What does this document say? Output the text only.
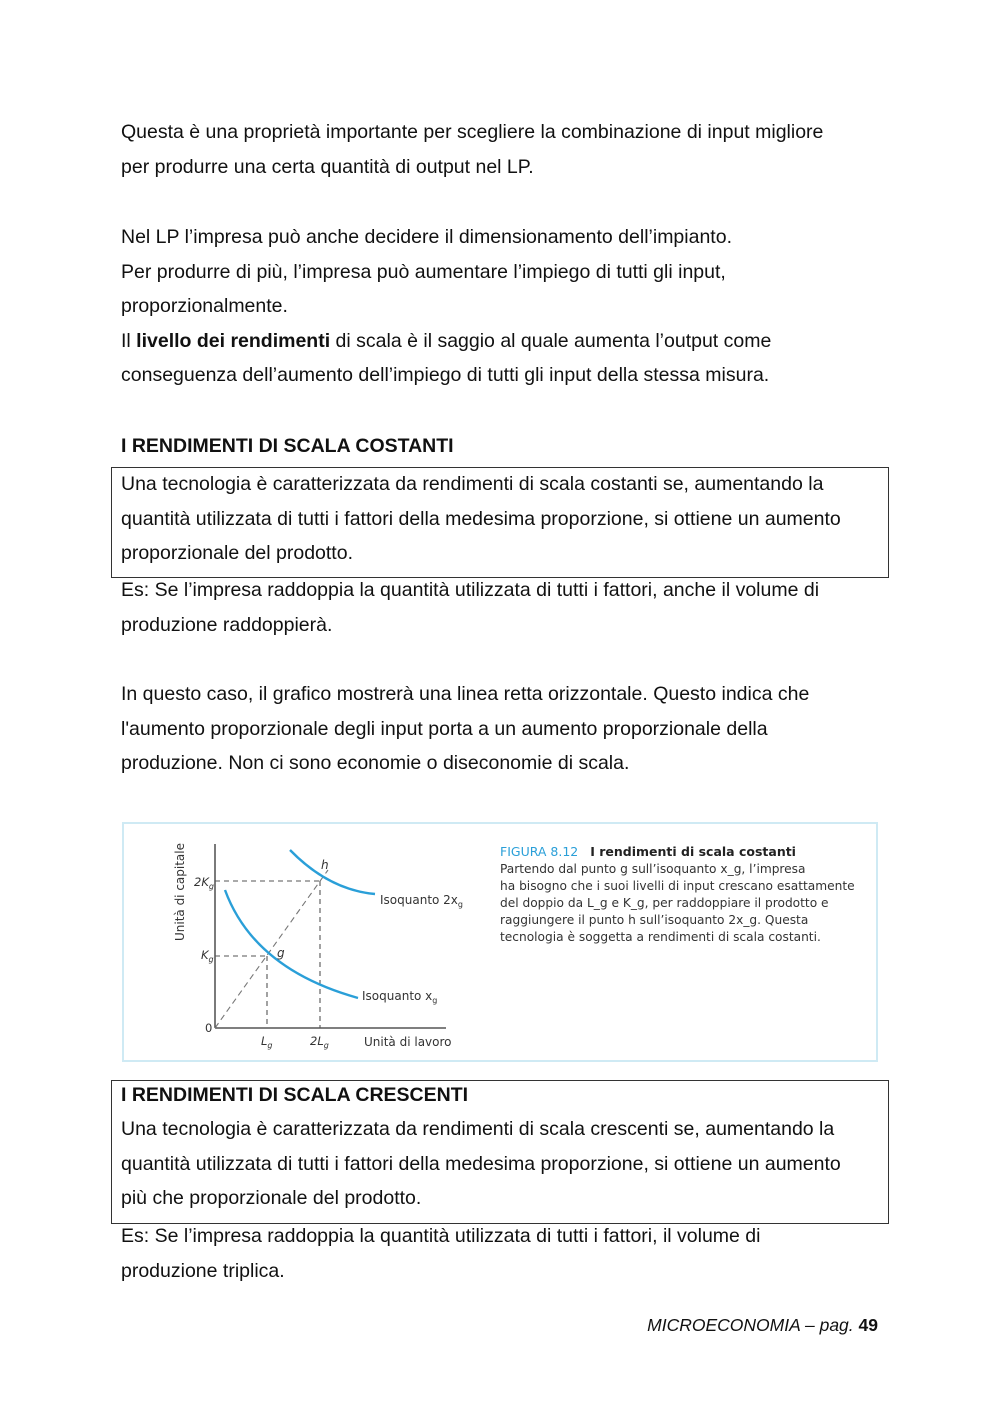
Questa è una proprietà importante per scegliere la combinazione di input migliore
per produrre una certa quantità di output nel LP.
Nel LP l’impresa può anche decidere il dimensionamento dell’impianto.
Per produrre di più, l’impresa può aumentare l’impiego di tutti gli input,
proporzionalmente.
Il livello dei rendimenti di scala è il saggio al quale aumenta l’output come
conseguenza dell’aumento dell’impiego di tutti gli input della stessa misura.
I RENDIMENTI DI SCALA COSTANTI
Una tecnologia è caratterizzata da rendimenti di scala costanti se, aumentando la
quantità utilizzata di tutti i fattori della medesima proporzione, si ottiene un aumento
proporzionale del prodotto.
Es: Se l’impresa raddoppia la quantità utilizzata di tutti i fattori, anche il volume di
produzione raddoppierà.
In questo caso, il grafico mostrerà una linea retta orizzontale. Questo indica che
l'aumento proporzionale degli input porta a un aumento proporzionale della
produzione. Non ci sono economie o diseconomie di scala.
Unità di capitale
g
h
$2K_g$
$K_g$
0
$L_g$	$2L_g$	Unità di lavoro
Isoquanto $2x_g$
Isoquanto $x_g$
FIGURA 8.12 I rendimenti di scala costanti
Partendo dal punto g sull’isoquanto x_g, l’impresa
ha bisogno che i suoi livelli di input crescano esattamente
del doppio da L_g e K_g, per raddoppiare il prodotto e
raggiungere il punto h sull’isoquanto 2x_g. Questa
tecnologia è soggetta a rendimenti di scala costanti.
I RENDIMENTI DI SCALA CRESCENTI
Una tecnologia è caratterizzata da rendimenti di scala crescenti se, aumentando la
quantità utilizzata di tutti i fattori della medesima proporzione, si ottiene un aumento
più che proporzionale del prodotto.
Es: Se l’impresa raddoppia la quantità utilizzata di tutti i fattori, il volume di
produzione triplica.
MICROECONOMIA – pag. 49
